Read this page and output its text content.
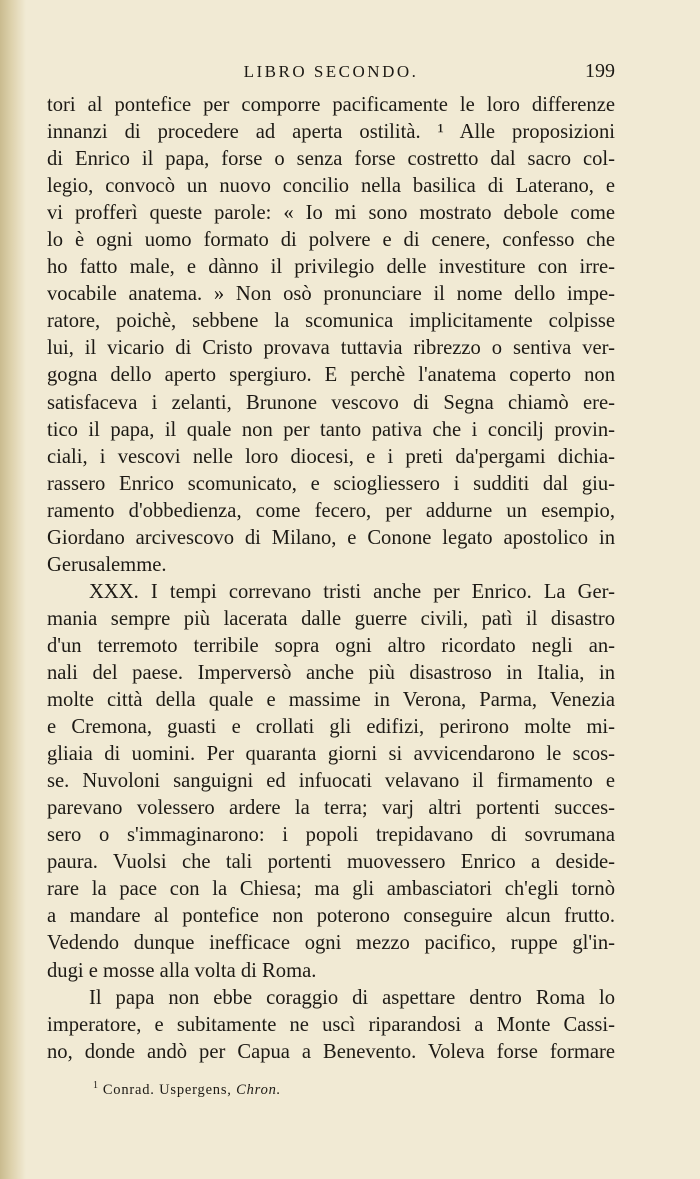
LIBRO SECONDO.	199
tori al pontefice per comporre pacificamente le loro differenze
innanzi di procedere ad aperta ostilità. ¹ Alle proposizioni
di Enrico il papa, forse o senza forse costretto dal sacro col-
legio, convocò un nuovo concilio nella basilica di Laterano, e
vi profferì queste parole: « Io mi sono mostrato debole come
lo è ogni uomo formato di polvere e di cenere, confesso che
ho fatto male, e dànno il privilegio delle investiture con irre-
vocabile anatema. » Non osò pronunciare il nome dello impe-
ratore, poichè, sebbene la scomunica implicitamente colpisse
lui, il vicario di Cristo provava tuttavia ribrezzo o sentiva ver-
gogna dello aperto spergiuro. E perchè l'anatema coperto non
satisfaceva i zelanti, Brunone vescovo di Segna chiamò ere-
tico il papa, il quale non per tanto pativa che i concilj provin-
ciali, i vescovi nelle loro diocesi, e i preti da'pergami dichia-
rassero Enrico scomunicato, e sciogliessero i sudditi dal giu-
ramento d'obbedienza, come fecero, per addurne un esempio,
Giordano arcivescovo di Milano, e Conone legato apostolico in
Gerusalemme.
XXX. I tempi correvano tristi anche per Enrico. La Ger-
mania sempre più lacerata dalle guerre civili, patì il disastro
d'un terremoto terribile sopra ogni altro ricordato negli an-
nali del paese. Imperversò anche più disastroso in Italia, in
molte città della quale e massime in Verona, Parma, Venezia
e Cremona, guasti e crollati gli edifizi, perirono molte mi-
gliaia di uomini. Per quaranta giorni si avvicendarono le scos-
se. Nuvoloni sanguigni ed infuocati velavano il firmamento e
parevano volessero ardere la terra; varj altri portenti succes-
sero o s'immaginarono: i popoli trepidavano di sovrumana
paura. Vuolsi che tali portenti muovessero Enrico a deside-
rare la pace con la Chiesa; ma gli ambasciatori ch'egli tornò
a mandare al pontefice non poterono conseguire alcun frutto.
Vedendo dunque inefficace ogni mezzo pacifico, ruppe gl'in-
dugi e mosse alla volta di Roma.
Il papa non ebbe coraggio di aspettare dentro Roma lo
imperatore, e subitamente ne uscì riparandosi a Monte Cassi-
no, donde andò per Capua a Benevento. Voleva forse formare
$^1$ Conrad. Uspergens, Chron.
